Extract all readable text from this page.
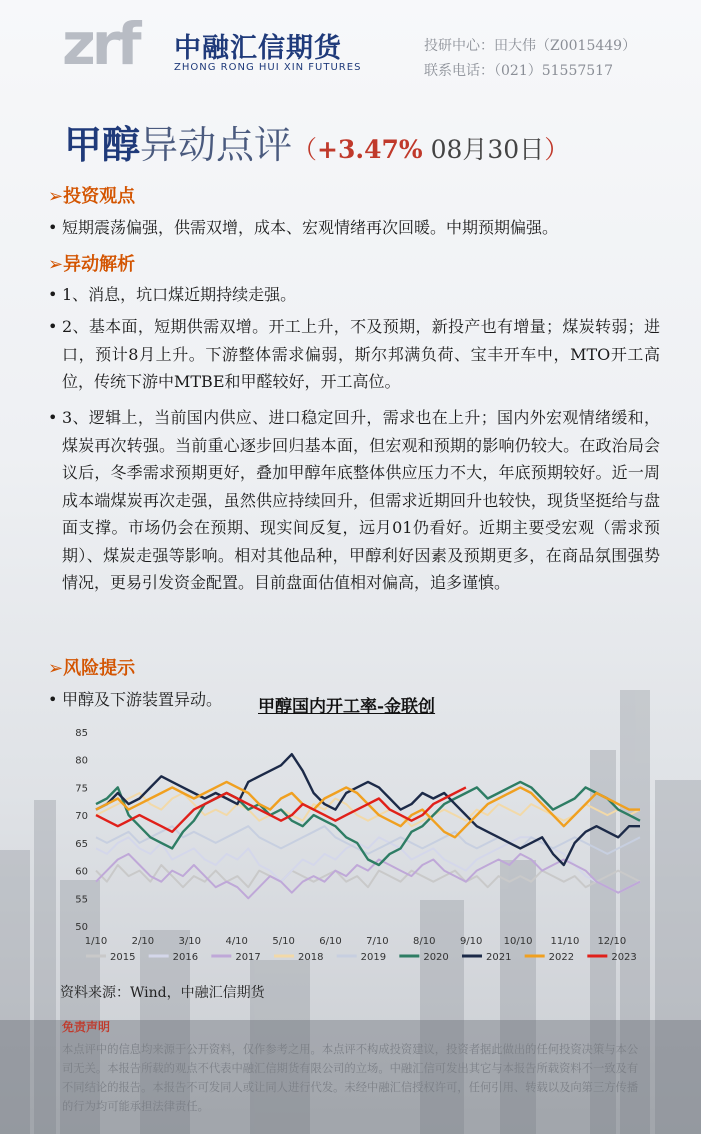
zrf 中融汇信期货
ZHONG RONG HUI XIN FUTURES
投研中心：田大伟（Z0015449）
联系电话：（021）51557517
甲醇异动点评（+3.47% 08月30日）
➢投资观点
• 短期震荡偏强，供需双增，成本、宏观情绪再次回暖。中期预期偏强。
➢异动解析
• 1、消息，坑口煤近期持续走强。
• 2、基本面，短期供需双增。开工上升，不及预期，新投产也有增量；煤炭转弱；进口，预计8月上升。下游整体需求偏弱，斯尔邦满负荷、宝丰开车中，MTO开工高位，传统下游中MTBE和甲醛较好，开工高位。
• 3、逻辑上，当前国内供应、进口稳定回升，需求也在上升；国内外宏观情绪缓和，煤炭再次转强。当前重心逐步回归基本面，但宏观和预期的影响仍较大。在政治局会议后，冬季需求预期更好，叠加甲醇年底整体供应压力不大，年底预期较好。近一周成本端煤炭再次走强，虽然供应持续回升，但需求近期回升也较快，现货坚挺给与盘面支撑。市场仍会在预期、现实间反复，远月01仍看好。近期主要受宏观（需求预期）、煤炭走强等影响。相对其他品种，甲醇利好因素及预期更多，在商品氛围强势情况，更易引发资金配置。目前盘面估值相对偏高，追多谨慎。
➢风险提示
• 甲醇及下游装置异动。	甲醇国内开工率-金联创
85
80
75
70
65
60
55
50
1/10 2/10 3/10 4/10 5/10 6/10 7/10 8/10 9/10 10/10 11/10 12/10
2015	2016	2017	2018	2019	2020	2021	2022	2023
资料来源：Wind，中融汇信期货
免责声明
本点评中的信息均来源于公开资料，仅作参考之用。本点评不构成投资建议，投资者据此做出的任何投资决策与本公司无关。本报告所载的观点不代表中融汇信期货有限公司的立场。中融汇信可发出其它与本报告所载资料不一致及有不同结论的报告。本报告不可发同人或让同人进行代发。未经中融汇信授权许可，任何引用、转载以及向第三方传播的行为均可能承担法律责任。
